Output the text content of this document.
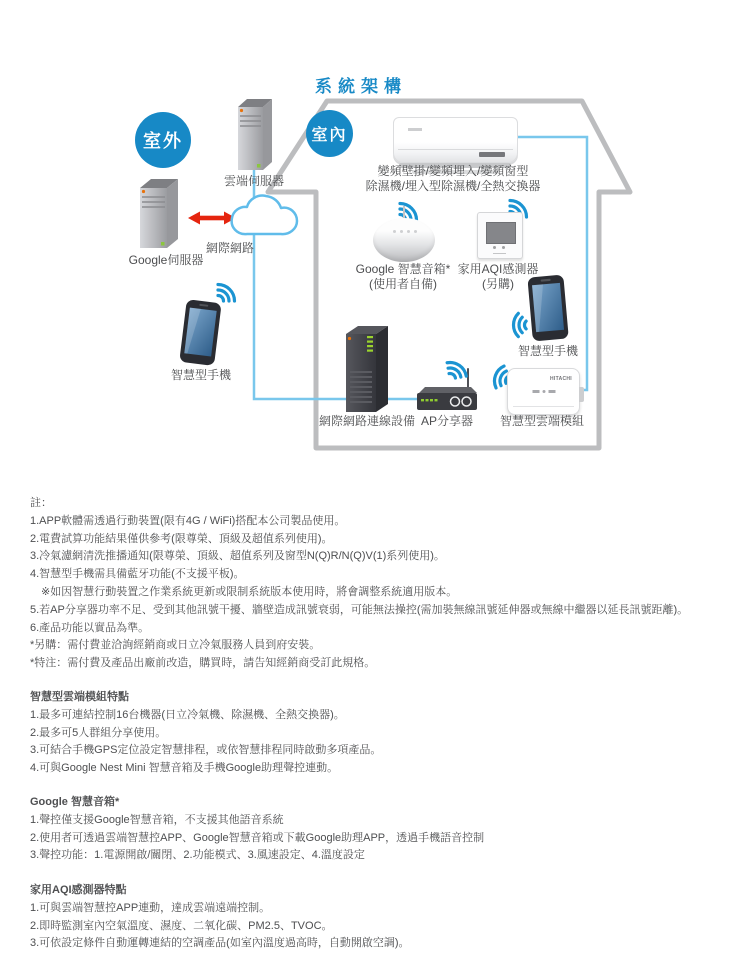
系統架構
室外	室內
HITACHI
雲端伺服器
Google伺服器
網際網路
智慧型手機
變頻壁掛/變頻埋入/變頻窗型
除濕機/埋入型除濕機/全熱交換器
Google 智慧音箱*
(使用者自備)
家用AQI感測器
(另購)
智慧型手機
網際網路連線設備 AP分享器 智慧型雲端模組
註：
1.APP軟體需透過行動裝置(限有4G / WiFi)搭配本公司製品使用。
2.電費試算功能結果僅供參考(限尊榮、頂級及超值系列使用)。
3.冷氣濾網清洗推播通知(限尊榮、頂級、超值系列及窗型N(Q)R/N(Q)V(1)系列使用)。
4.智慧型手機需具備藍牙功能(不支援平板)。
※如因智慧行動裝置之作業系統更新或限制系統版本使用時，將會調整系統適用版本。
5.若AP分享器功率不足、受到其他訊號干擾、牆壁造成訊號衰弱，可能無法操控(需加裝無線訊號延伸器或無線中繼器以延長訊號距離)。
6.產品功能以實品為準。
*另購：需付費並洽詢經銷商或日立冷氣服務人員到府安裝。
*特注：需付費及產品出廠前改造，購買時，請告知經銷商受訂此規格。
智慧型雲端模組特點
1.最多可連結控制16台機器(日立冷氣機、除濕機、全熱交換器)。
2.最多可5人群組分享使用。
3.可結合手機GPS定位設定智慧排程，或依智慧排程同時啟動多項產品。
4.可與Google Nest Mini 智慧音箱及手機Google助理聲控連動。
Google 智慧音箱*
1.聲控僅支援Google智慧音箱，不支援其他語音系統
2.使用者可透過雲端智慧控APP、Google智慧音箱或下載Google助理APP，透過手機語音控制
3.聲控功能：1.電源開啟/關閉、2.功能模式、3.風速設定、4.溫度設定
家用AQI感測器特點
1.可與雲端智慧控APP連動，達成雲端遠端控制。
2.即時監測室內空氣溫度、濕度、二氧化碳、PM2.5、TVOC。
3.可依設定條件自動運轉連結的空調產品(如室內溫度過高時，自動開啟空調)。
